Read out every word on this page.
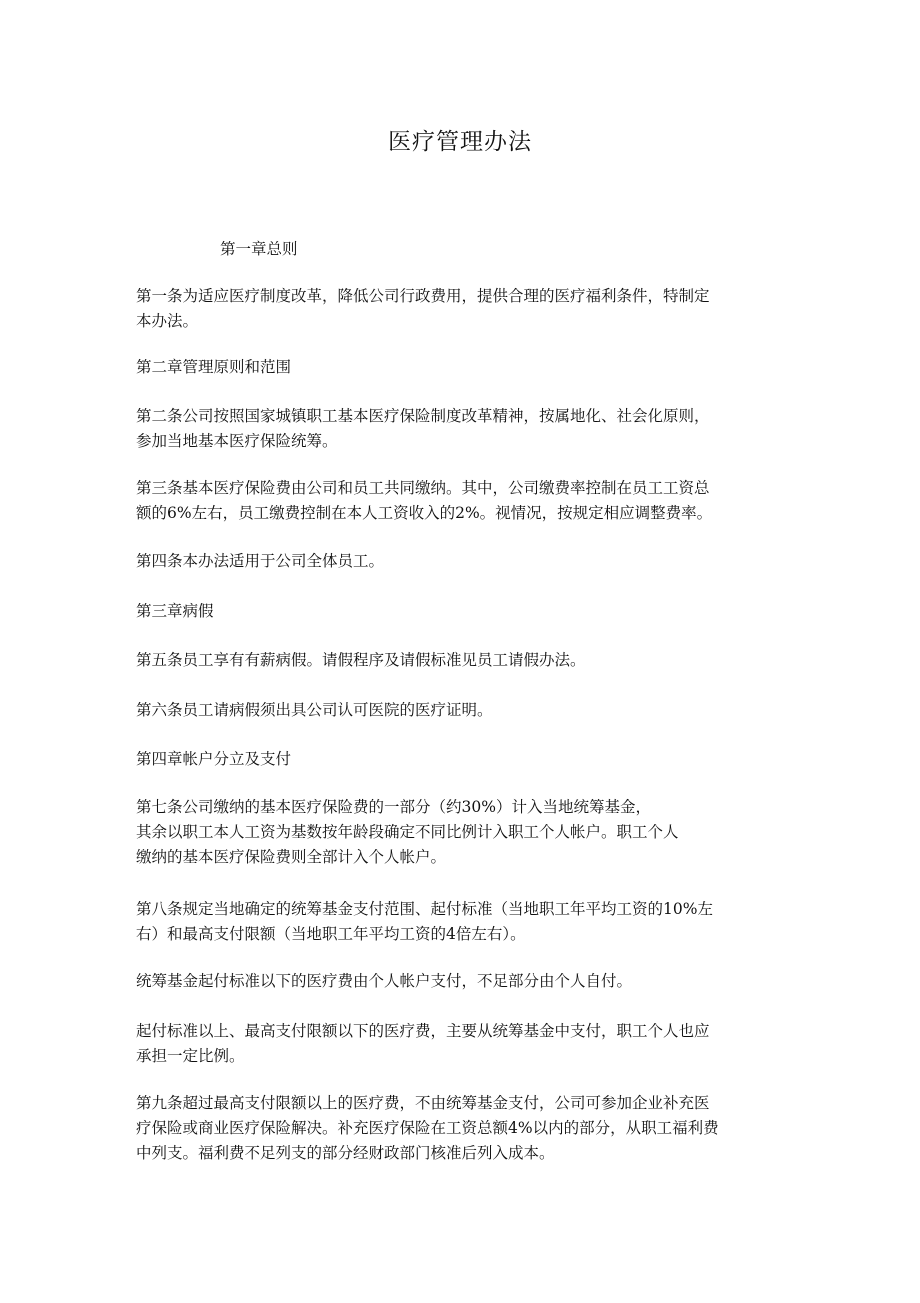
医疗管理办法

第一章总则

第一条为适应医疗制度改革，降低公司行政费用，提供合理的医疗福利条件，特制定
本办法。

第二章管理原则和范围

第二条公司按照国家城镇职工基本医疗保险制度改革精神，按属地化、社会化原则，
参加当地基本医疗保险统筹。

第三条基本医疗保险费由公司和员工共同缴纳。其中，公司缴费率控制在员工工资总
额的6%左右，员工缴费控制在本人工资收入的2%。视情况，按规定相应调整费率。

第四条本办法适用于公司全体员工。

第三章病假

第五条员工享有有薪病假。请假程序及请假标准见员工请假办法。

第六条员工请病假须出具公司认可医院的医疗证明。

第四章帐户分立及支付

第七条公司缴纳的基本医疗保险费的一部分（约30%）计入当地统筹基金，
其余以职工本人工资为基数按年龄段确定不同比例计入职工个人帐户。职工个人
缴纳的基本医疗保险费则全部计入个人帐户。

第八条规定当地确定的统筹基金支付范围、起付标准（当地职工年平均工资的10%左
右）和最高支付限额（当地职工年平均工资的4倍左右）。

统筹基金起付标准以下的医疗费由个人帐户支付，不足部分由个人自付。

起付标准以上、最高支付限额以下的医疗费，主要从统筹基金中支付，职工个人也应
承担一定比例。

第九条超过最高支付限额以上的医疗费，不由统筹基金支付，公司可参加企业补充医
疗保险或商业医疗保险解决。补充医疗保险在工资总额4%以内的部分，从职工福利费
中列支。福利费不足列支的部分经财政部门核准后列入成本。
